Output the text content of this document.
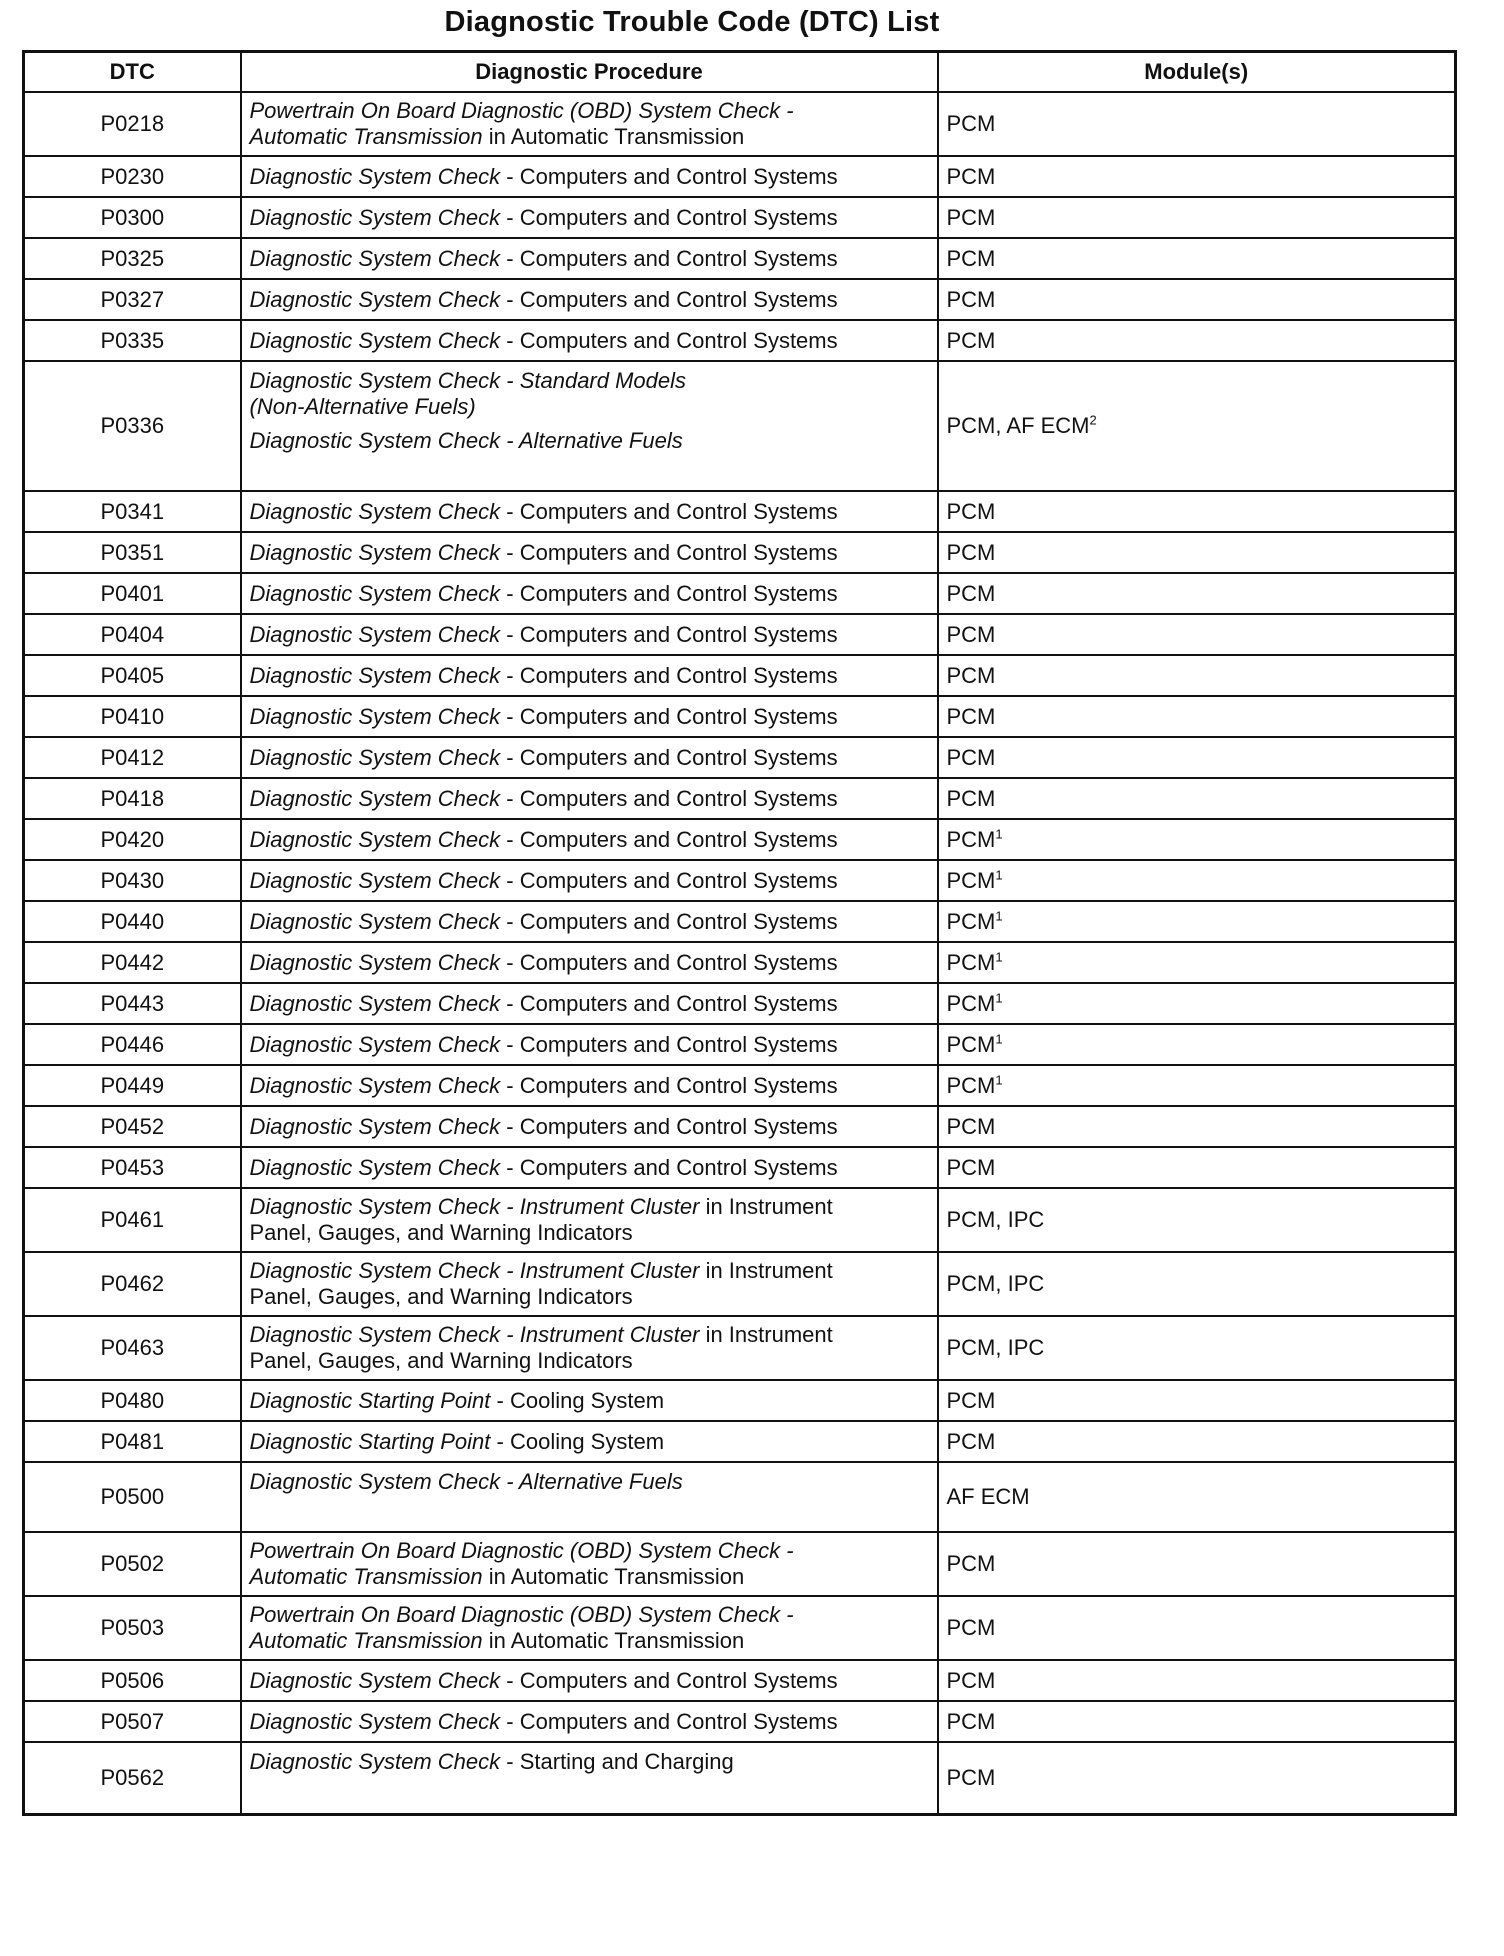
Diagnostic Trouble Code (DTC) List
DTC	Diagnostic Procedure	Module(s)
P0218	Powertrain On Board Diagnostic (OBD) System Check -
Automatic Transmission in Automatic Transmission	PCM
P0230	Diagnostic System Check - Computers and Control Systems	PCM
P0300	Diagnostic System Check - Computers and Control Systems	PCM
P0325	Diagnostic System Check - Computers and Control Systems	PCM
P0327	Diagnostic System Check - Computers and Control Systems	PCM
P0335	Diagnostic System Check - Computers and Control Systems	PCM
P0336	Diagnostic System Check - Standard Models
(Non-Alternative Fuels)
Diagnostic System Check - Alternative Fuels	PCM, AF ECM$^2$
P0341	Diagnostic System Check - Computers and Control Systems	PCM
P0351	Diagnostic System Check - Computers and Control Systems	PCM
P0401	Diagnostic System Check - Computers and Control Systems	PCM
P0404	Diagnostic System Check - Computers and Control Systems	PCM
P0405	Diagnostic System Check - Computers and Control Systems	PCM
P0410	Diagnostic System Check - Computers and Control Systems	PCM
P0412	Diagnostic System Check - Computers and Control Systems	PCM
P0418	Diagnostic System Check - Computers and Control Systems	PCM
P0420	Diagnostic System Check - Computers and Control Systems	PCM$^1$
P0430	Diagnostic System Check - Computers and Control Systems	PCM$^1$
P0440	Diagnostic System Check - Computers and Control Systems	PCM$^1$
P0442	Diagnostic System Check - Computers and Control Systems	PCM$^1$
P0443	Diagnostic System Check - Computers and Control Systems	PCM$^1$
P0446	Diagnostic System Check - Computers and Control Systems	PCM$^1$
P0449	Diagnostic System Check - Computers and Control Systems	PCM$^1$
P0452	Diagnostic System Check - Computers and Control Systems	PCM
P0453	Diagnostic System Check - Computers and Control Systems	PCM
P0461	Diagnostic System Check - Instrument Cluster in Instrument
Panel, Gauges, and Warning Indicators	PCM, IPC
P0462	Diagnostic System Check - Instrument Cluster in Instrument
Panel, Gauges, and Warning Indicators	PCM, IPC
P0463	Diagnostic System Check - Instrument Cluster in Instrument
Panel, Gauges, and Warning Indicators	PCM, IPC
P0480	Diagnostic Starting Point - Cooling System	PCM
P0481	Diagnostic Starting Point - Cooling System	PCM
P0500	Diagnostic System Check - Alternative Fuels	AF ECM
P0502	Powertrain On Board Diagnostic (OBD) System Check -
Automatic Transmission in Automatic Transmission	PCM
P0503	Powertrain On Board Diagnostic (OBD) System Check -
Automatic Transmission in Automatic Transmission	PCM
P0506	Diagnostic System Check - Computers and Control Systems	PCM
P0507	Diagnostic System Check - Computers and Control Systems	PCM
P0562	Diagnostic System Check - Starting and Charging	PCM
